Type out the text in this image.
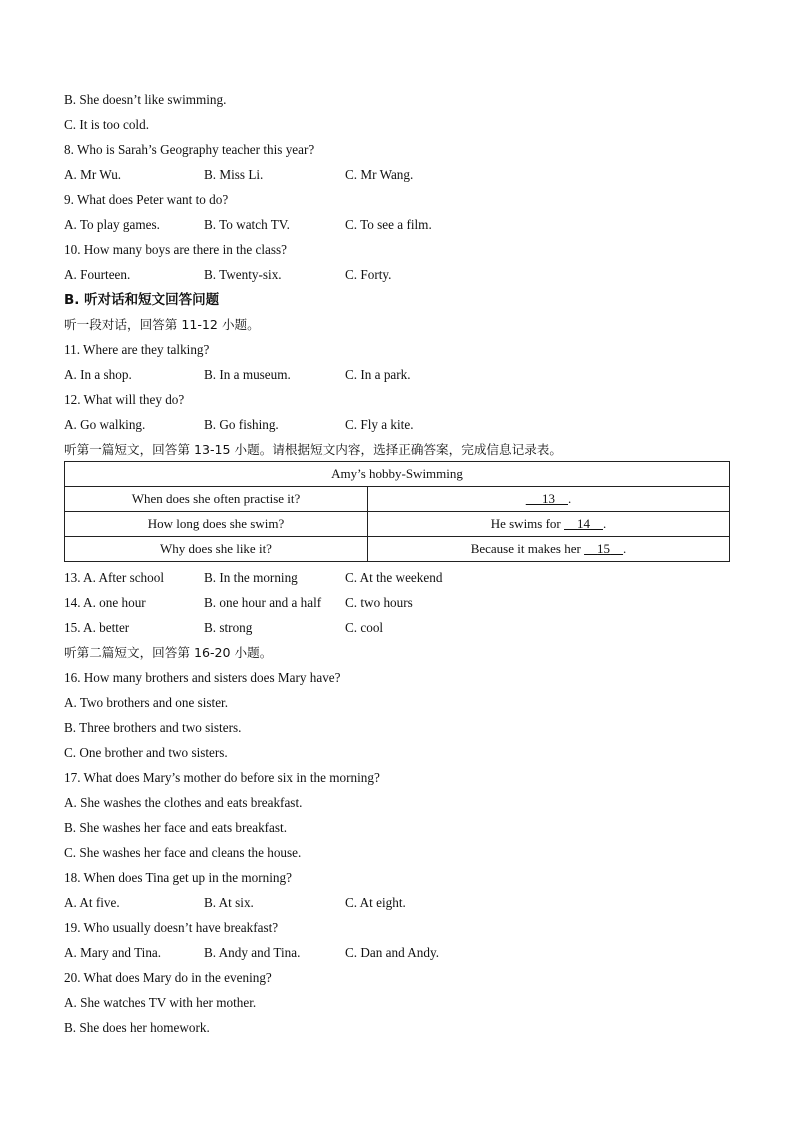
B. She doesn’t like swimming.
C. It is too cold.
8. Who is Sarah’s Geography teacher this year?
A. Mr Wu.	B. Miss Li.	C. Mr Wang.
9. What does Peter want to do?
A. To play games.	B. To watch TV.	C. To see a film.
10. How many boys are there in the class?
A. Fourteen.	B. Twenty-six.	C. Forty.
B. 听对话和短文回答问题
听一段对话，回答第 11-12 小题。
11. Where are they talking?
A. In a shop.	B. In a museum.	C. In a park.
12. What will they do?
A. Go walking.	B. Go fishing.	C. Fly a kite.
听第一篇短文，回答第 13-15 小题。请根据短文内容，选择正确答案，完成信息记录表。
13. A. After school	B. In the morning	C. At the weekend
14. A. one hour	B. one hour and a half C. two hours
15. A. better	B. strong	C. cool
听第二篇短文，回答第 16-20 小题。
16. How many brothers and sisters does Mary have?
A. Two brothers and one sister.
B. Three brothers and two sisters.
C. One brother and two sisters.
17. What does Mary’s mother do before six in the morning?
A. She washes the clothes and eats breakfast.
B. She washes her face and eats breakfast.
C. She washes her face and cleans the house.
18. When does Tina get up in the morning?
A. At five.	B. At six.	C. At eight.
19. Who usually doesn’t have breakfast?
A. Mary and Tina.	B. Andy and Tina.	C. Dan and Andy.
20. What does Mary do in the evening?
A. She watches TV with her mother.
B. She does her homework.
Amy’s hobby-Swimming	
When does she often practise it?	13 .
How long does she swim?	He swims for     14 .
Why does she like it?	Because it makes her     15 .
